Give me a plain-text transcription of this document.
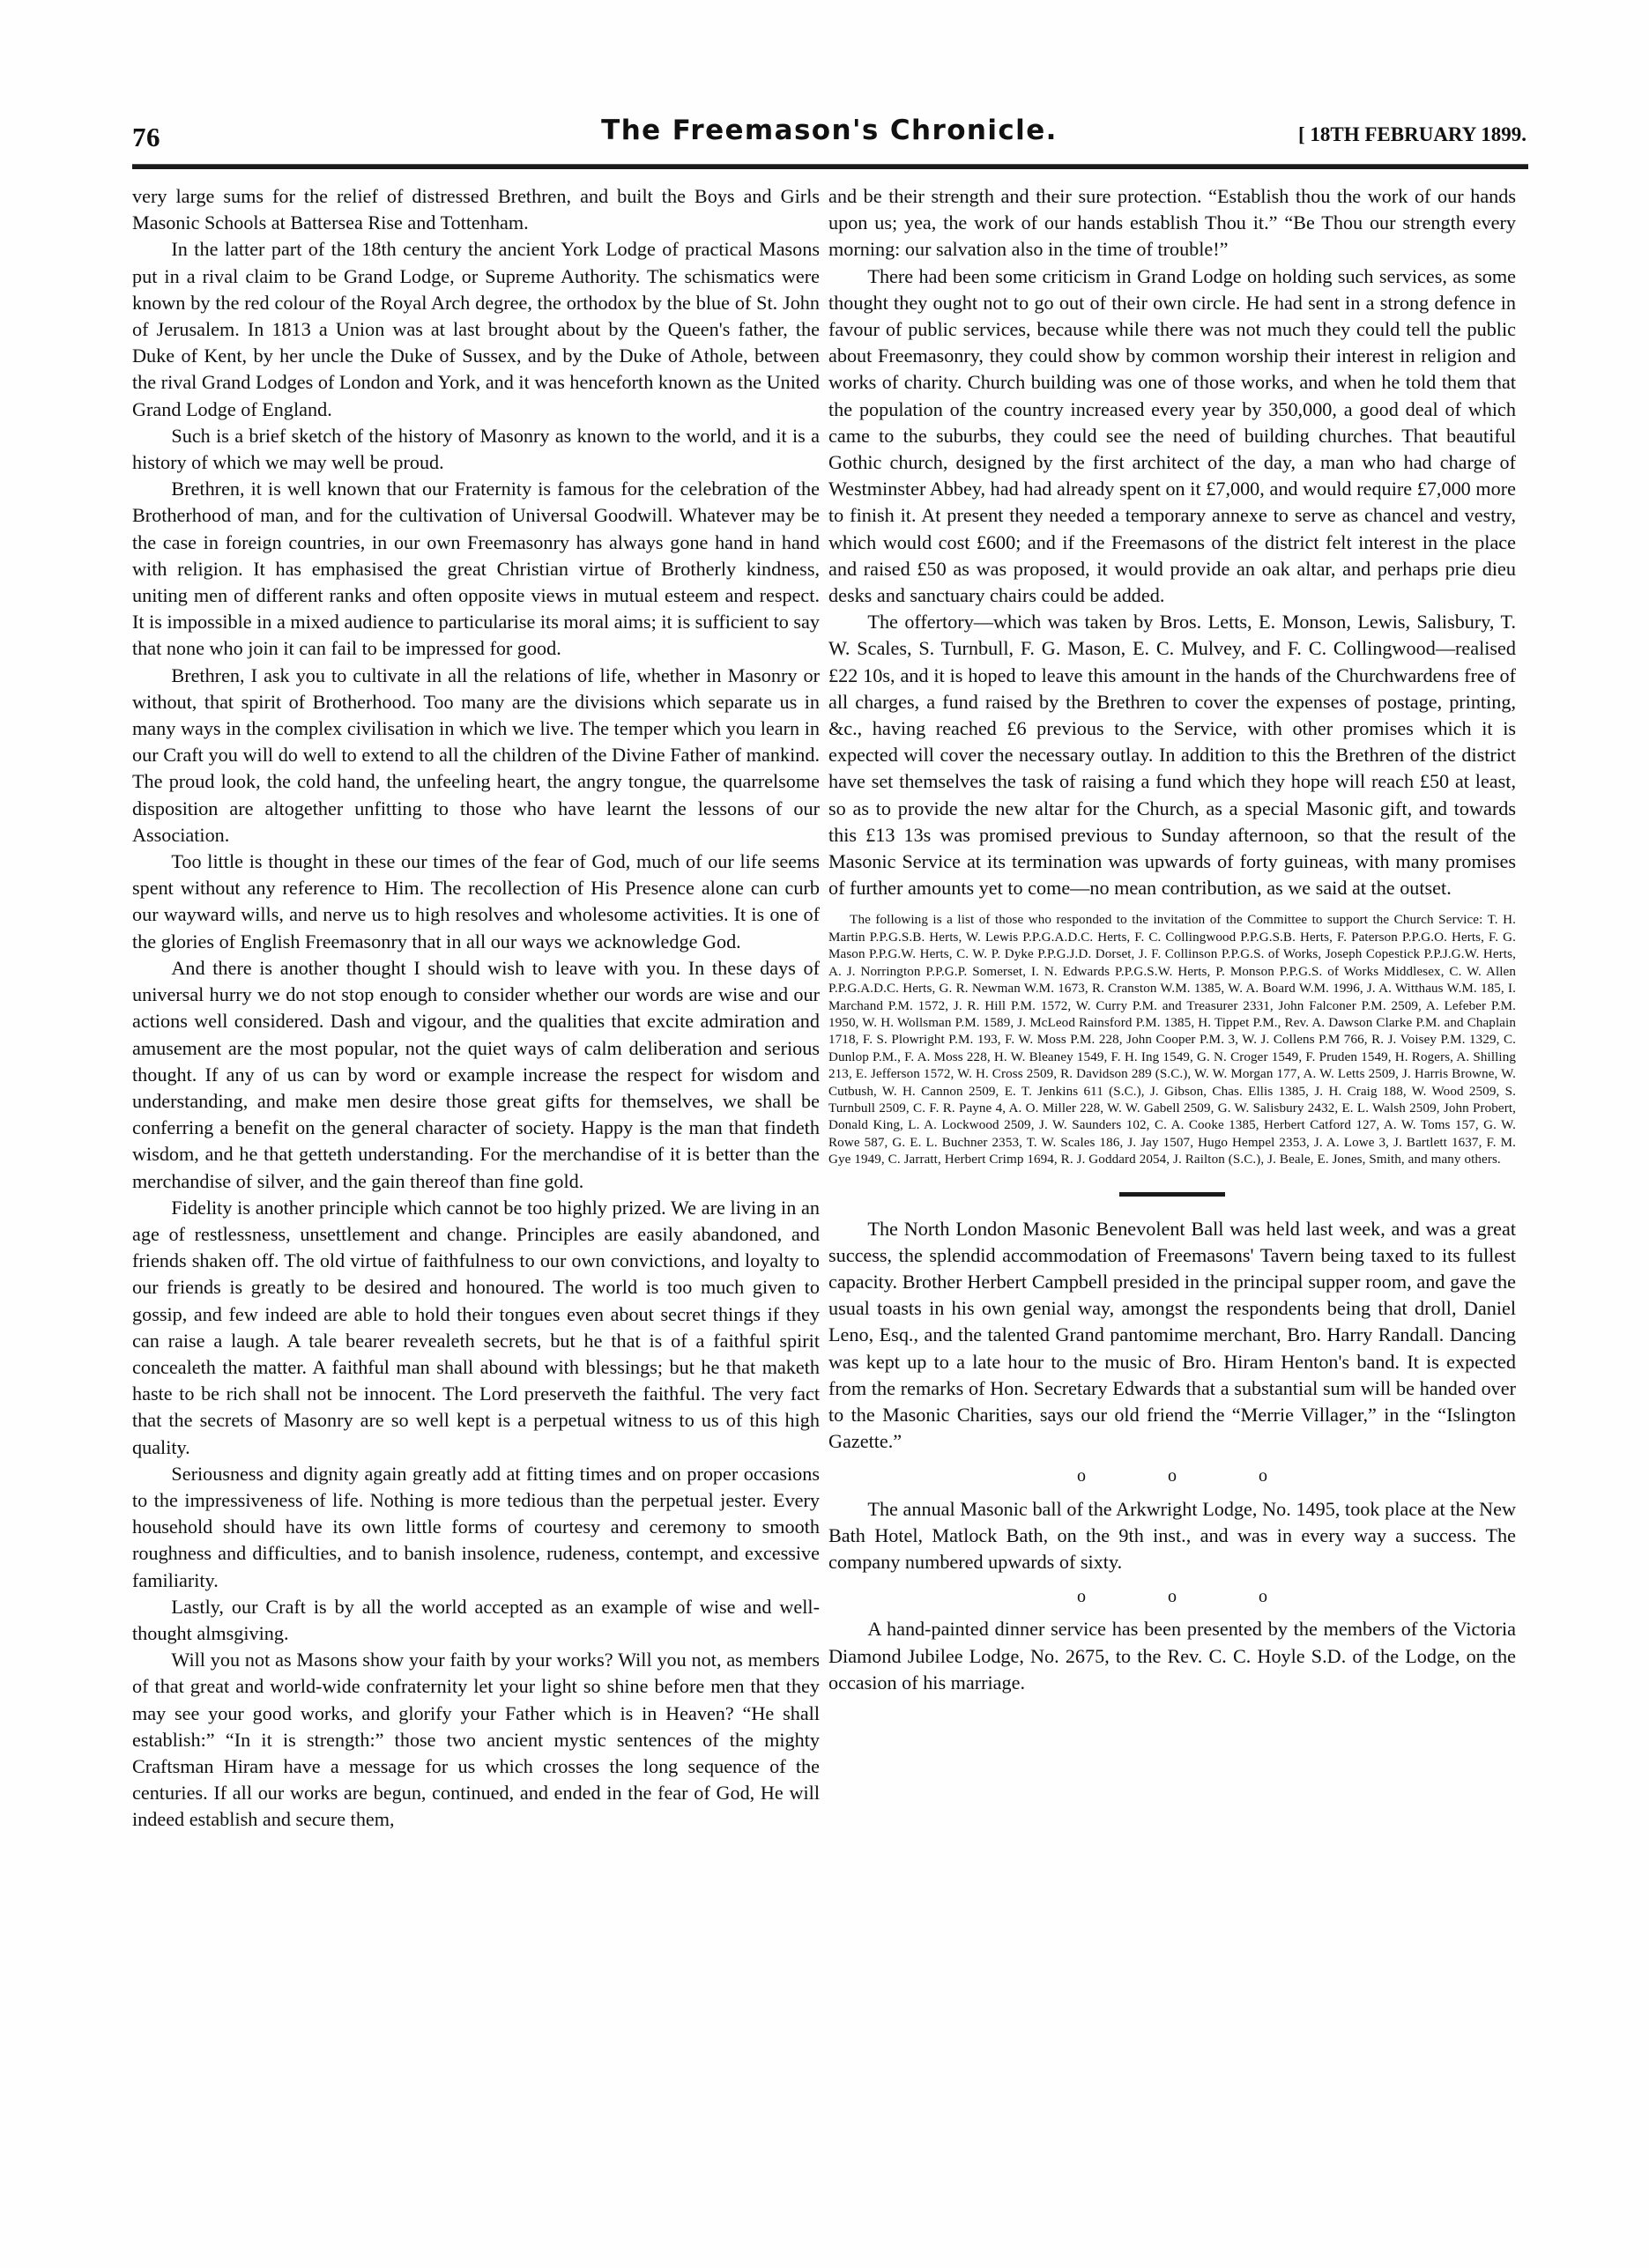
76	The Freemason's Chronicle.	[ 18TH FEBRUARY 1899.

very large sums for the relief of distressed Brethren, and built the Boys and Girls Masonic Schools at Battersea Rise and Tottenham.

In the latter part of the 18th century the ancient York Lodge of practical Masons put in a rival claim to be Grand Lodge, or Supreme Authority. The schismatics were known by the red colour of the Royal Arch degree, the orthodox by the blue of St. John of Jerusalem. In 1813 a Union was at last brought about by the Queen's father, the Duke of Kent, by her uncle the Duke of Sussex, and by the Duke of Athole, between the rival Grand Lodges of London and York, and it was henceforth known as the United Grand Lodge of England.

Such is a brief sketch of the history of Masonry as known to the world, and it is a history of which we may well be proud.

Brethren, it is well known that our Fraternity is famous for the celebration of the Brotherhood of man, and for the cultivation of Universal Goodwill. Whatever may be the case in foreign countries, in our own Freemasonry has always gone hand in hand with religion. It has emphasised the great Christian virtue of Brotherly kindness, uniting men of different ranks and often opposite views in mutual esteem and respect. It is impossible in a mixed audience to particularise its moral aims; it is sufficient to say that none who join it can fail to be impressed for good.

Brethren, I ask you to cultivate in all the relations of life, whether in Masonry or without, that spirit of Brotherhood. Too many are the divisions which separate us in many ways in the complex civilisation in which we live. The temper which you learn in our Craft you will do well to extend to all the children of the Divine Father of mankind. The proud look, the cold hand, the unfeeling heart, the angry tongue, the quarrelsome disposition are altogether unfitting to those who have learnt the lessons of our Association.

Too little is thought in these our times of the fear of God, much of our life seems spent without any reference to Him. The recollection of His Presence alone can curb our wayward wills, and nerve us to high resolves and wholesome activities. It is one of the glories of English Freemasonry that in all our ways we acknowledge God.

And there is another thought I should wish to leave with you. In these days of universal hurry we do not stop enough to consider whether our words are wise and our actions well considered. Dash and vigour, and the qualities that excite admiration and amusement are the most popular, not the quiet ways of calm deliberation and serious thought. If any of us can by word or example increase the respect for wisdom and understanding, and make men desire those great gifts for themselves, we shall be conferring a benefit on the general character of society. Happy is the man that findeth wisdom, and he that getteth understanding. For the merchandise of it is better than the merchandise of silver, and the gain thereof than fine gold.

Fidelity is another principle which cannot be too highly prized. We are living in an age of restlessness, unsettlement and change. Principles are easily abandoned, and friends shaken off. The old virtue of faithfulness to our own convictions, and loyalty to our friends is greatly to be desired and honoured. The world is too much given to gossip, and few indeed are able to hold their tongues even about secret things if they can raise a laugh. A tale bearer revealeth secrets, but he that is of a faithful spirit concealeth the matter. A faithful man shall abound with blessings; but he that maketh haste to be rich shall not be innocent. The Lord preserveth the faithful. The very fact that the secrets of Masonry are so well kept is a perpetual witness to us of this high quality.

Seriousness and dignity again greatly add at fitting times and on proper occasions to the impressiveness of life. Nothing is more tedious than the perpetual jester. Every household should have its own little forms of courtesy and ceremony to smooth roughness and difficulties, and to banish insolence, rudeness, contempt, and excessive familiarity.

Lastly, our Craft is by all the world accepted as an example of wise and well-thought almsgiving.

Will you not as Masons show your faith by your works? Will you not, as members of that great and world-wide confraternity let your light so shine before men that they may see your good works, and glorify your Father which is in Heaven? “He shall establish:” “In it is strength:” those two ancient mystic sentences of the mighty Craftsman Hiram have a message for us which crosses the long sequence of the centuries. If all our works are begun, continued, and ended in the fear of God, He will indeed establish and secure them,

and be their strength and their sure protection. “Establish thou the work of our hands upon us; yea, the work of our hands establish Thou it.” “Be Thou our strength every morning: our salvation also in the time of trouble!”

There had been some criticism in Grand Lodge on holding such services, as some thought they ought not to go out of their own circle. He had sent in a strong defence in favour of public services, because while there was not much they could tell the public about Freemasonry, they could show by common worship their interest in religion and works of charity. Church building was one of those works, and when he told them that the population of the country increased every year by 350,000, a good deal of which came to the suburbs, they could see the need of building churches. That beautiful Gothic church, designed by the first architect of the day, a man who had charge of Westminster Abbey, had had already spent on it £7,000, and would require £7,000 more to finish it. At present they needed a temporary annexe to serve as chancel and vestry, which would cost £600; and if the Freemasons of the district felt interest in the place and raised £50 as was proposed, it would provide an oak altar, and perhaps prie dieu desks and sanctuary chairs could be added.

The offertory—which was taken by Bros. Letts, E. Monson, Lewis, Salisbury, T. W. Scales, S. Turnbull, F. G. Mason, E. C. Mulvey, and F. C. Collingwood—realised £22 10s, and it is hoped to leave this amount in the hands of the Churchwardens free of all charges, a fund raised by the Brethren to cover the expenses of postage, printing, &c., having reached £6 previous to the Service, with other promises which it is expected will cover the necessary outlay. In addition to this the Brethren of the district have set themselves the task of raising a fund which they hope will reach £50 at least, so as to provide the new altar for the Church, as a special Masonic gift, and towards this £13 13s was promised previous to Sunday afternoon, so that the result of the Masonic Service at its termination was upwards of forty guineas, with many promises of further amounts yet to come—no mean contribution, as we said at the outset.

The following is a list of those who responded to the invitation of the Committee to support the Church Service: T. H. Martin P.P.G.S.B. Herts, W. Lewis P.P.G.A.D.C. Herts, F. C. Collingwood P.P.G.S.B. Herts, F. Paterson P.P.G.O. Herts, F. G. Mason P.P.G.W. Herts, C. W. P. Dyke P.P.G.J.D. Dorset, J. F. Collinson P.P.G.S. of Works, Joseph Copestick P.P.J.G.W. Herts, A. J. Norrington P.P.G.P. Somerset, I. N. Edwards P.P.G.S.W. Herts, P. Monson P.P.G.S. of Works Middlesex, C. W. Allen P.P.G.A.D.C. Herts, G. R. Newman W.M. 1673, R. Cranston W.M. 1385, W. A. Board W.M. 1996, J. A. Witthaus W.M. 185, I. Marchand P.M. 1572, J. R. Hill P.M. 1572, W. Curry P.M. and Treasurer 2331, John Falconer P.M. 2509, A. Lefeber P.M. 1950, W. H. Wollsman P.M. 1589, J. McLeod Rainsford P.M. 1385, H. Tippet P.M., Rev. A. Dawson Clarke P.M. and Chaplain 1718, F. S. Plowright P.M. 193, F. W. Moss P.M. 228, John Cooper P.M. 3, W. J. Collens P.M 766, R. J. Voisey P.M. 1329, C. Dunlop P.M., F. A. Moss 228, H. W. Bleaney 1549, F. H. Ing 1549, G. N. Croger 1549, F. Pruden 1549, H. Rogers, A. Shilling 213, E. Jefferson 1572, W. H. Cross 2509, R. Davidson 289 (S.C.), W. W. Morgan 177, A. W. Letts 2509, J. Harris Browne, W. Cutbush, W. H. Cannon 2509, E. T. Jenkins 611 (S.C.), J. Gibson, Chas. Ellis 1385, J. H. Craig 188, W. Wood 2509, S. Turnbull 2509, C. F. R. Payne 4, A. O. Miller 228, W. W. Gabell 2509, G. W. Salisbury 2432, E. L. Walsh 2509, John Probert, Donald King, L. A. Lockwood 2509, J. W. Saunders 102, C. A. Cooke 1385, Herbert Catford 127, A. W. Toms 157, G. W. Rowe 587, G. E. L. Buchner 2353, T. W. Scales 186, J. Jay 1507, Hugo Hempel 2353, J. A. Lowe 3, J. Bartlett 1637, F. M. Gye 1949, C. Jarratt, Herbert Crimp 1694, R. J. Goddard 2054, J. Railton (S.C.), J. Beale, E. Jones, Smith, and many others.

The North London Masonic Benevolent Ball was held last week, and was a great success, the splendid accommodation of Freemasons' Tavern being taxed to its fullest capacity. Brother Herbert Campbell presided in the principal supper room, and gave the usual toasts in his own genial way, amongst the respondents being that droll, Daniel Leno, Esq., and the talented Grand pantomime merchant, Bro. Harry Randall. Dancing was kept up to a late hour to the music of Bro. Hiram Henton's band. It is expected from the remarks of Hon. Secretary Edwards that a substantial sum will be handed over to the Masonic Charities, says our old friend the “Merrie Villager,” in the “Islington Gazette.”

o o o

The annual Masonic ball of the Arkwright Lodge, No. 1495, took place at the New Bath Hotel, Matlock Bath, on the 9th inst., and was in every way a success. The company numbered upwards of sixty.

o o o

A hand-painted dinner service has been presented by the members of the Victoria Diamond Jubilee Lodge, No. 2675, to the Rev. C. C. Hoyle S.D. of the Lodge, on the occasion of his marriage.
